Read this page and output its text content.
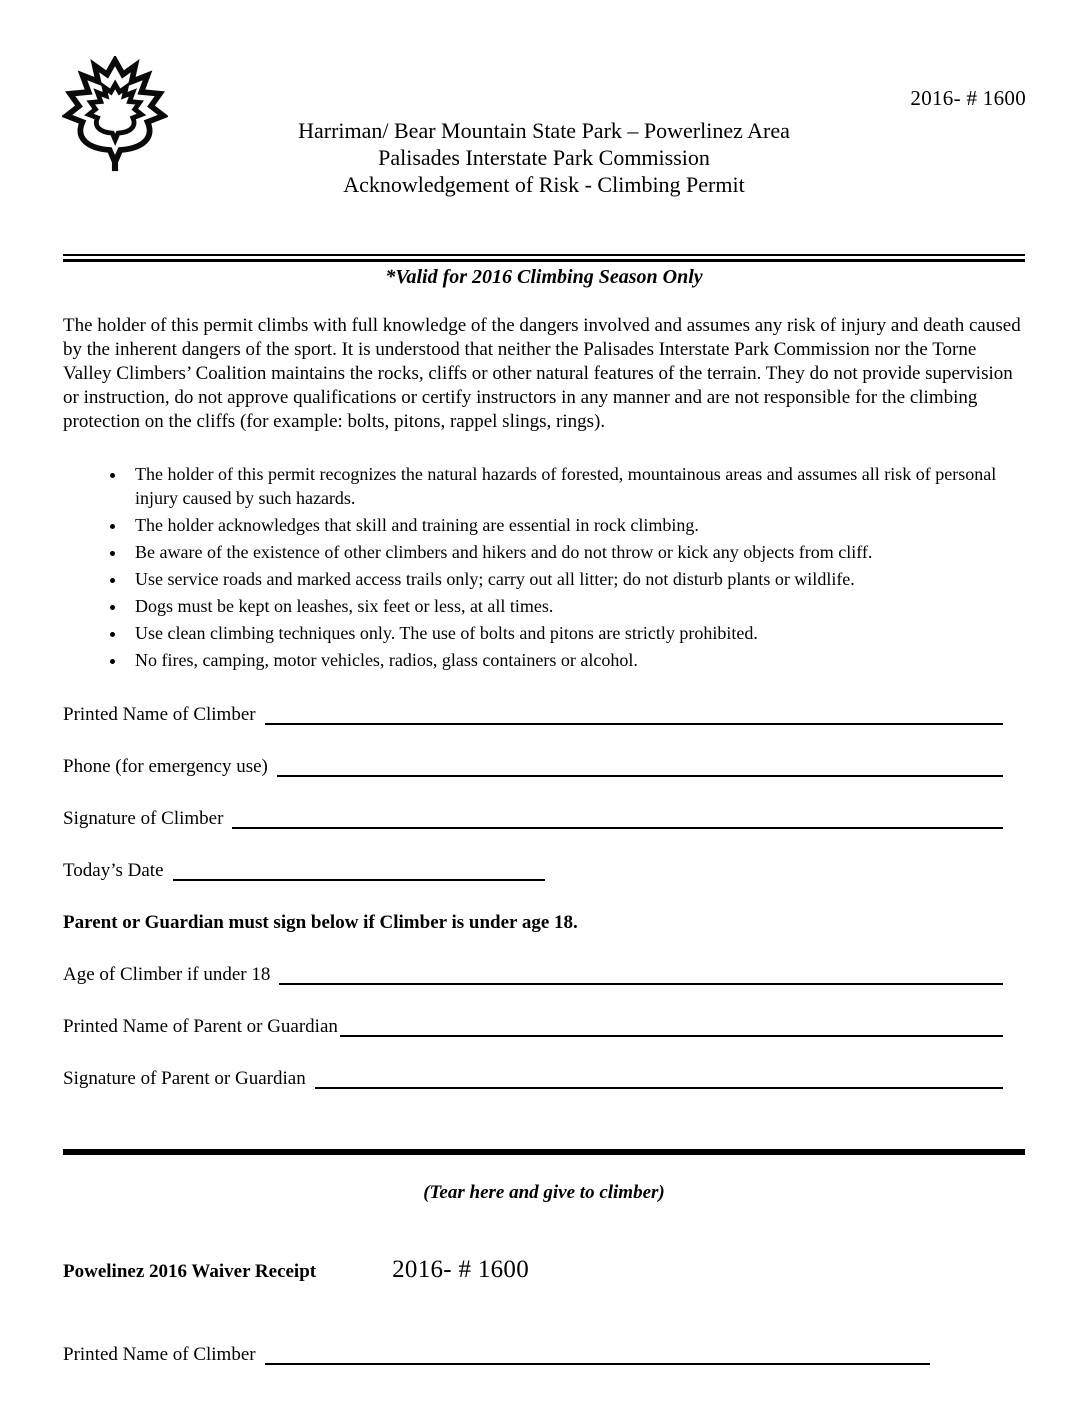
2016- # 1600
Harriman/ Bear Mountain State Park – Powerlinez Area
Palisades Interstate Park Commission
Acknowledgement of Risk - Climbing Permit
*Valid for 2016 Climbing Season Only
The holder of this permit climbs with full knowledge of the dangers involved and assumes any risk of injury and death caused by the inherent dangers of the sport. It is understood that neither the Palisades Interstate Park Commission nor the Torne Valley Climbers’ Coalition maintains the rocks, cliffs or other natural features of the terrain. They do not provide supervision or instruction, do not approve qualifications or certify instructors in any manner and are not responsible for the climbing protection on the cliffs (for example: bolts, pitons, rappel slings, rings).
• The holder of this permit recognizes the natural hazards of forested, mountainous areas and assumes all risk of personal injury caused by such hazards.
• The holder acknowledges that skill and training are essential in rock climbing.
• Be aware of the existence of other climbers and hikers and do not throw or kick any objects from cliff.
• Use service roads and marked access trails only; carry out all litter; do not disturb plants or wildlife.
• Dogs must be kept on leashes, six feet or less, at all times.
• Use clean climbing techniques only. The use of bolts and pitons are strictly prohibited.
• No fires, camping, motor vehicles, radios, glass containers or alcohol.
Printed Name of Climber
Phone (for emergency use)
Signature of Climber
Today’s Date
Parent or Guardian must sign below if Climber is under age 18.
Age of Climber if under 18
Printed Name of Parent or Guardian
Signature of Parent or Guardian
(Tear here and give to climber)
Powelinez 2016 Waiver Receipt	2016- # 1600
Printed Name of Climber
